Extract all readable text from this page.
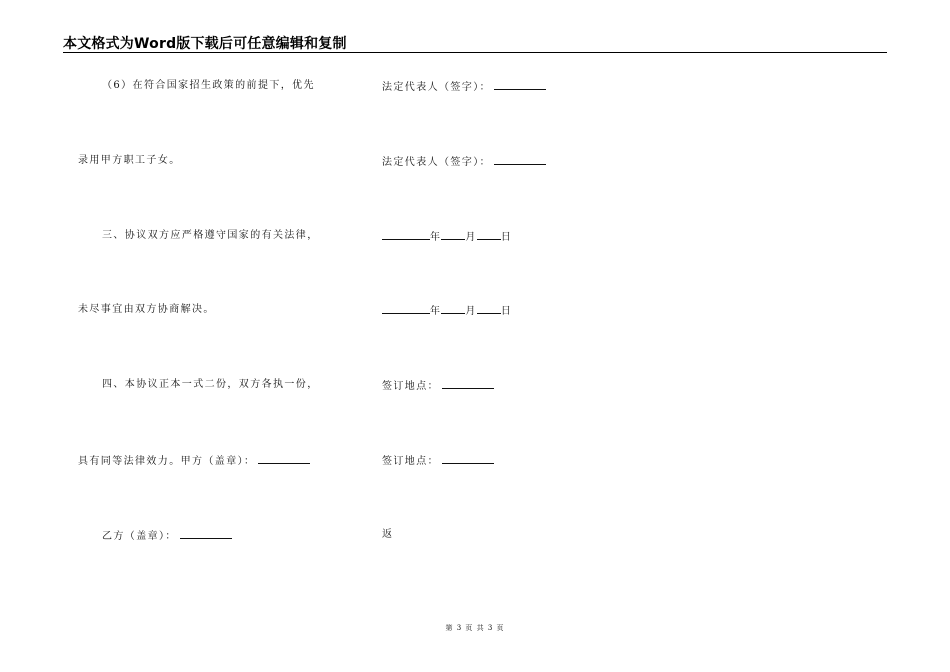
本文格式为Word版下载后可任意编辑和复制
（6）在符合国家招生政策的前提下，优先
录用甲方职工子女。
三、协议双方应严格遵守国家的有关法律，
未尽事宜由双方协商解决。
四、本协议正本一式二份，双方各执一份，
具有同等法律效力。甲方（盖章）：
乙方（盖章）：
法定代表人（签字）：
法定代表人（签字）：
年 月 日
年 月 日
签订地点：
签订地点：
返
第 3 页 共 3 页
